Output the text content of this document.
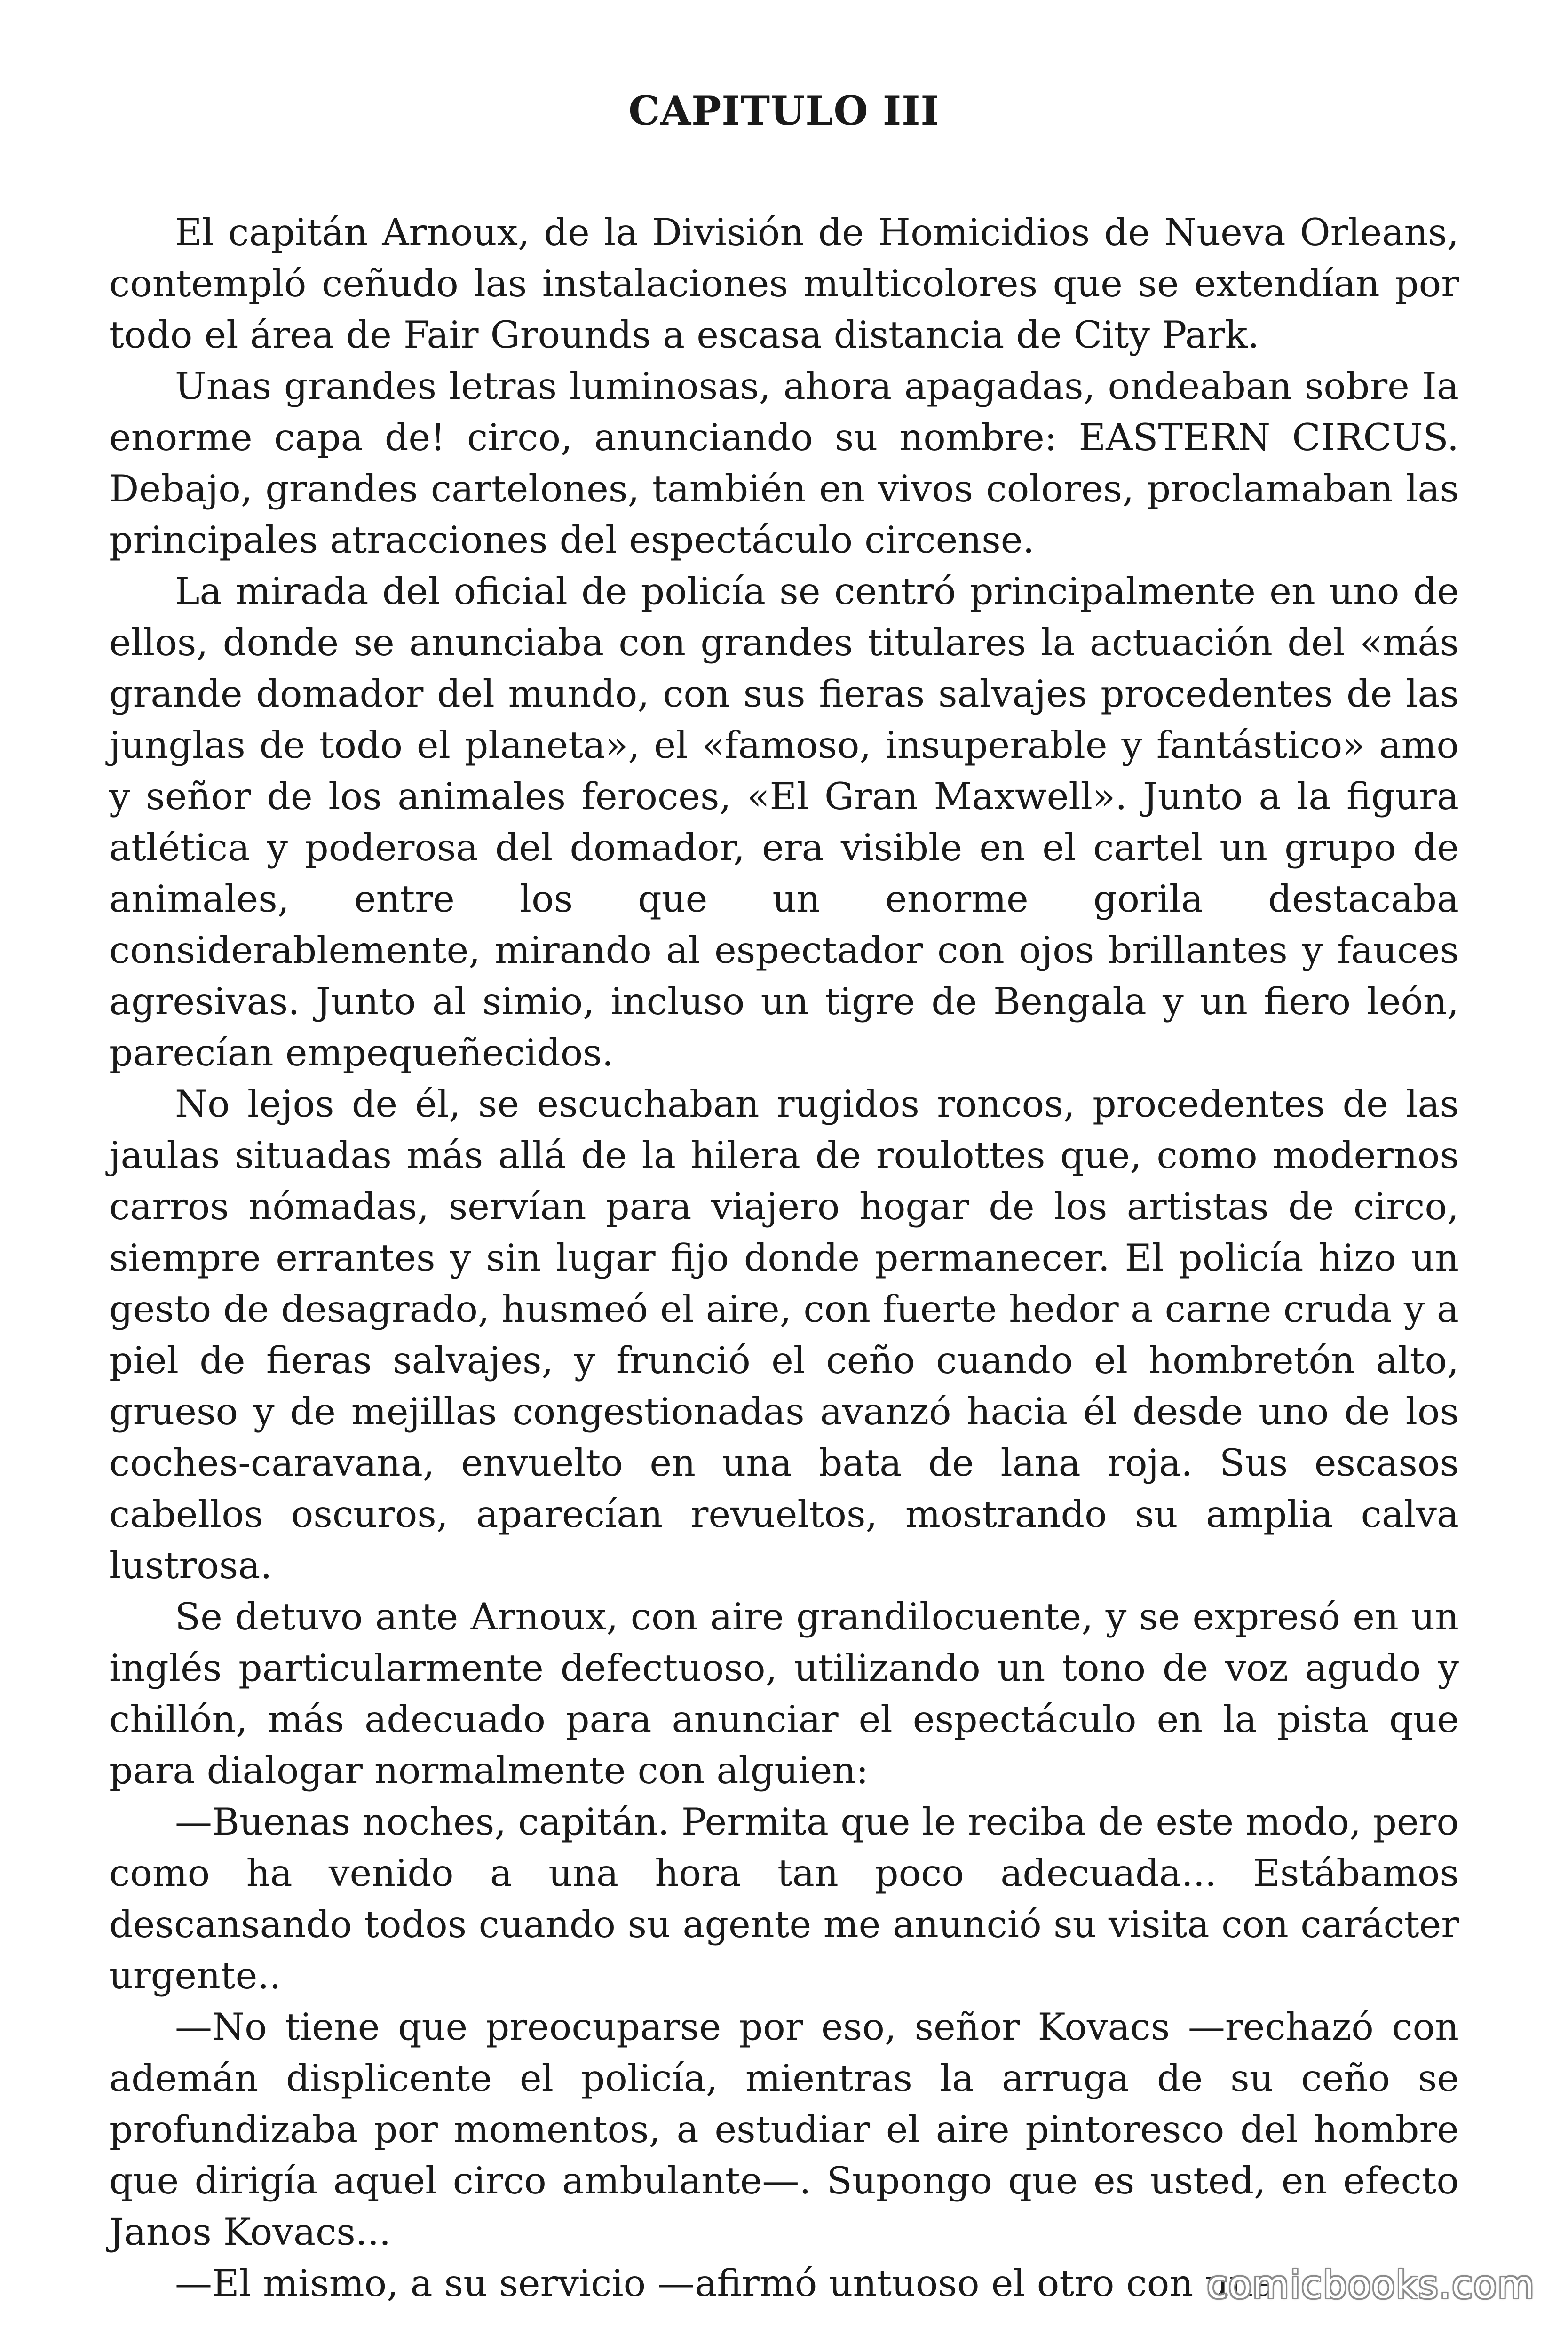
CAPITULO III

El capitán Arnoux, de la División de Homicidios de Nueva Orleans, contempló ceñudo las instalaciones multicolores que se extendían por todo el área de Fair Grounds a escasa distancia de City Park.

Unas grandes letras luminosas, ahora apagadas, ondeaban sobre Ia enorme capa de! circo, anunciando su nombre: EASTERN CIRCUS. Debajo, grandes cartelones, también en vivos colores, proclamaban las principales atracciones del espectáculo circense.

La mirada del oficial de policía se centró principalmente en uno de ellos, donde se anunciaba con grandes titulares la actuación del «más grande domador del mundo, con sus fieras salvajes procedentes de las junglas de todo el planeta», el «famoso, insuperable y fantástico» amo y señor de los animales feroces, «El Gran Maxwell». Junto a la figura atlética y poderosa del domador, era visible en el cartel un grupo de animales, entre los que un enorme gorila destacaba considerablemente, mirando al espectador con ojos brillantes y fauces agresivas. Junto al simio, incluso un tigre de Bengala y un fiero león, parecían empequeñecidos.

No lejos de él, se escuchaban rugidos roncos, procedentes de las jaulas situadas más allá de la hilera de roulottes que, como modernos carros nómadas, servían para viajero hogar de los artistas de circo, siempre errantes y sin lugar fijo donde permanecer. El policía hizo un gesto de desagrado, husmeó el aire, con fuerte hedor a carne cruda y a piel de fieras salvajes, y frunció el ceño cuando el hombretón alto, grueso y de mejillas congestionadas avanzó hacia él desde uno de los coches-caravana, envuelto en una bata de lana roja. Sus escasos cabellos oscuros, aparecían revueltos, mostrando su amplia calva lustrosa.

Se detuvo ante Arnoux, con aire grandilocuente, y se expresó en un inglés particularmente defectuoso, utilizando un tono de voz agudo y chillón, más adecuado para anunciar el espectáculo en la pista que para dialogar normalmente con alguien:

—Buenas noches, capitán. Permita que le reciba de este modo, pero como ha venido a una hora tan poco adecuada... Estábamos descansando todos cuando su agente me anunció su visita con carácter urgente..

—No tiene que preocuparse por eso, señor Kovacs —rechazó con ademán displicente el policía, mientras la arruga de su ceño se profundizaba por momentos, a estudiar el aire pintoresco del hombre que dirigía aquel circo ambulante—. Supongo que es usted, en efecto Janos Kovacs...

—El mismo, a su servicio —afirmó untuoso el otro con una

comicbooks.com
